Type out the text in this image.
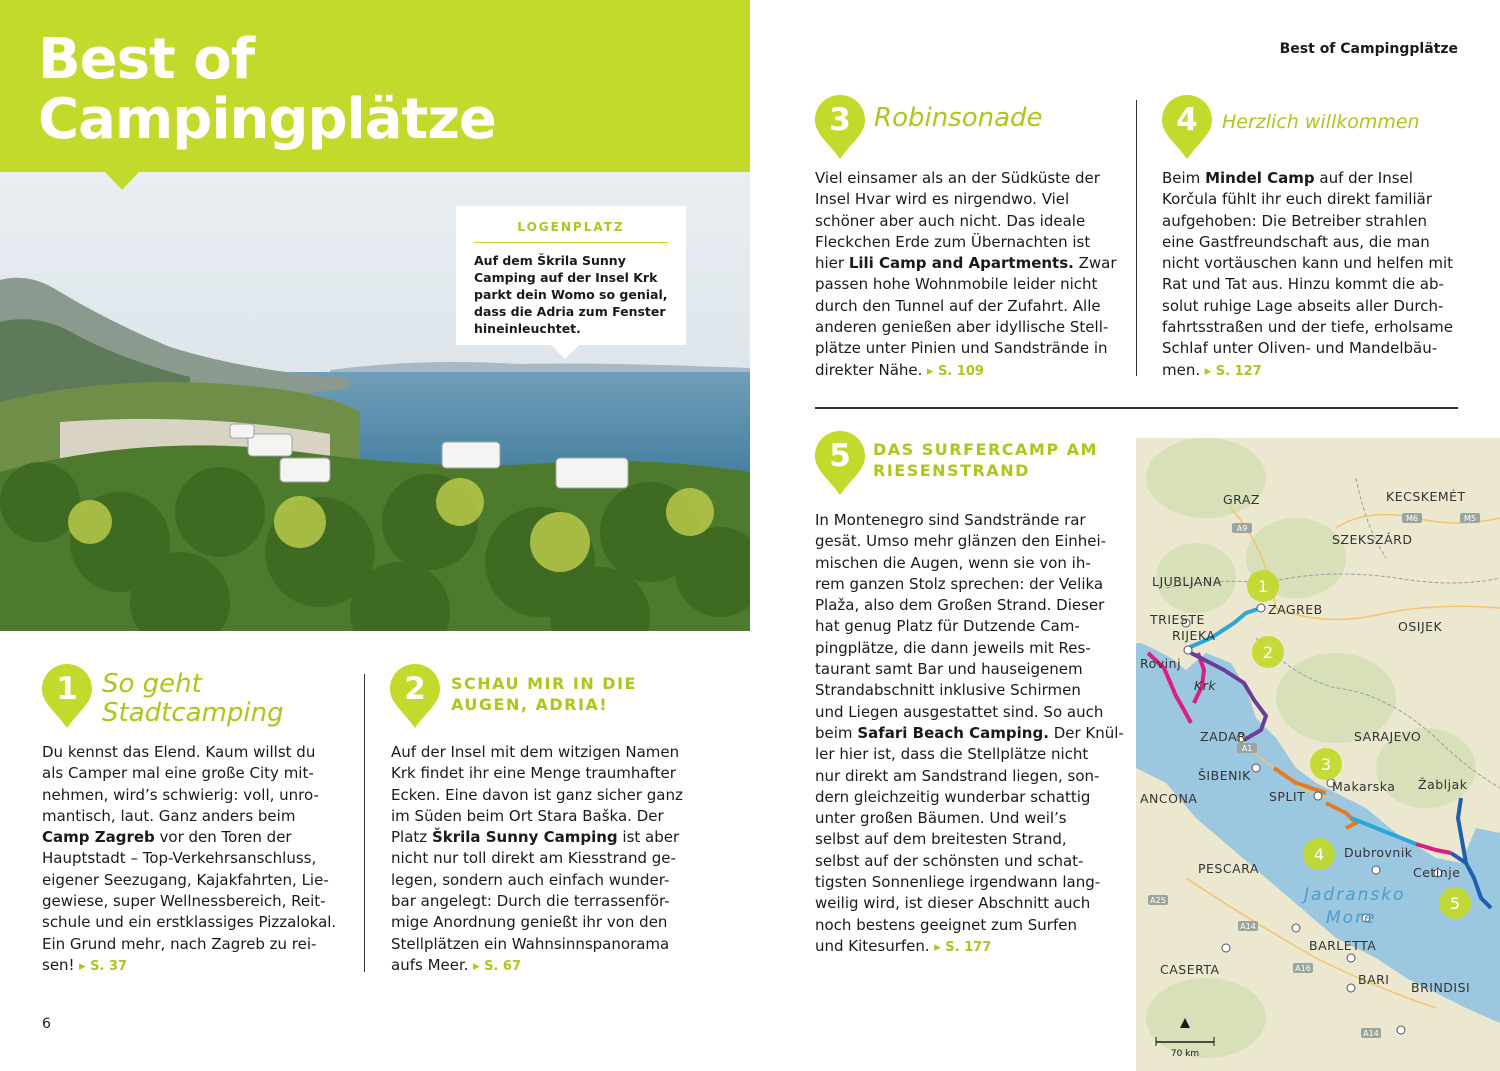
Best of
Campingplätze
LOGENPLATZ
Auf dem Škrila Sunny Camping auf der Insel Krk parkt dein Womo so genial, dass die Adria zum Fenster hineinleuchtet.
Best of Campingplätze
1 So geht
Stadtcamping
Du kennst das Elend. Kaum willst du
als Camper mal eine große City mit-
nehmen, wird’s schwierig: voll, unro-
mantisch, laut. Ganz anders beim
Camp Zagreb vor den Toren der
Hauptstadt – Top-Verkehrsanschluss,
eigener Seezugang, Kajakfahrten, Lie-
gewiese, super Wellnessbereich, Reit-
schule und ein erstklassiges Pizzalokal.
Ein Grund mehr, nach Zagreb zu rei-
sen! ▸ S. 37
2	SCHAU MIR IN DIE
AUGEN, ADRIA!
Auf der Insel mit dem witzigen Namen
Krk findet ihr eine Menge traumhafter
Ecken. Eine davon ist ganz sicher ganz
im Süden beim Ort Stara Baška. Der
Platz Škrila Sunny Camping ist aber
nicht nur toll direkt am Kiesstrand ge-
legen, sondern auch einfach wunder-
bar angelegt: Durch die terrassenför-
mige Anordnung genießt ihr von den
Stellplätzen ein Wahnsinnspanorama
aufs Meer. ▸ S. 67
6
3 Robinsonade
Viel einsamer als an der Südküste der
Insel Hvar wird es nirgendwo. Viel
schöner aber auch nicht. Das ideale
Fleckchen Erde zum Übernachten ist
hier Lili Camp and Apartments. Zwar
passen hohe Wohnmobile leider nicht
durch den Tunnel auf der Zufahrt. Alle
anderen genießen aber idyllische Stell-
plätze unter Pinien und Sandstrände in
direkter Nähe. ▸ S. 109
4	Herzlich willkommen
Beim Mindel Camp auf der Insel
Korčula fühlt ihr euch direkt familiär
aufgehoben: Die Betreiber strahlen
eine Gastfreundschaft aus, die man
nicht vortäuschen kann und helfen mit
Rat und Tat aus. Hinzu kommt die ab-
solut ruhige Lage abseits aller Durch-
fahrtsstraßen und der tiefe, erholsame
Schlaf unter Oliven- und Mandelbäu-
men. ▸ S. 127
5	DAS SURFERCAMP AM
RIESENSTRAND
In Montenegro sind Sandstrände rar
gesät. Umso mehr glänzen den Einhei-
mischen die Augen, wenn sie von ih-
rem ganzen Stolz sprechen: der Velika
Plaža, also dem Großen Strand. Dieser
hat genug Platz für Dutzende Cam-
pingplätze, die dann jeweils mit Res-
taurant samt Bar und hauseigenem
Strandabschnitt inklusive Schirmen
und Liegen ausgestattet sind. So auch
beim Safari Beach Camping. Der Knül-
ler hier ist, dass die Stellplätze nicht
nur direkt am Sandstrand liegen, son-
dern gleichzeitig wunderbar schattig
unter großen Bäumen. Und weil’s
selbst auf dem breitesten Strand,
selbst auf der schönsten und schat-
tigsten Sonnenliege irgendwann lang-
weilig wird, ist dieser Abschnitt auch
noch bestens geeignet zum Surfen
und Kitesurfen. ▸ S. 177
1
2
3
4
5
A9
M6	M5
A1
A14
A25
A16
A14
GRAZ	KECSKEMÉT
SZEKSZÁRD
LJUBLJANA
TRIESTE
ZAGREB
RIJEKA
OSIJEK
Rovinj
Krk
ZADAR	SARAJEVO
ŠIBENIK
Makarska Žabljak
SPLIT
ANCONA
Dubrovnik
Cetinje
PESCARA
BARLETTA
CASERTA
BARI
BRINDISI
Jadransko
More
70 km
